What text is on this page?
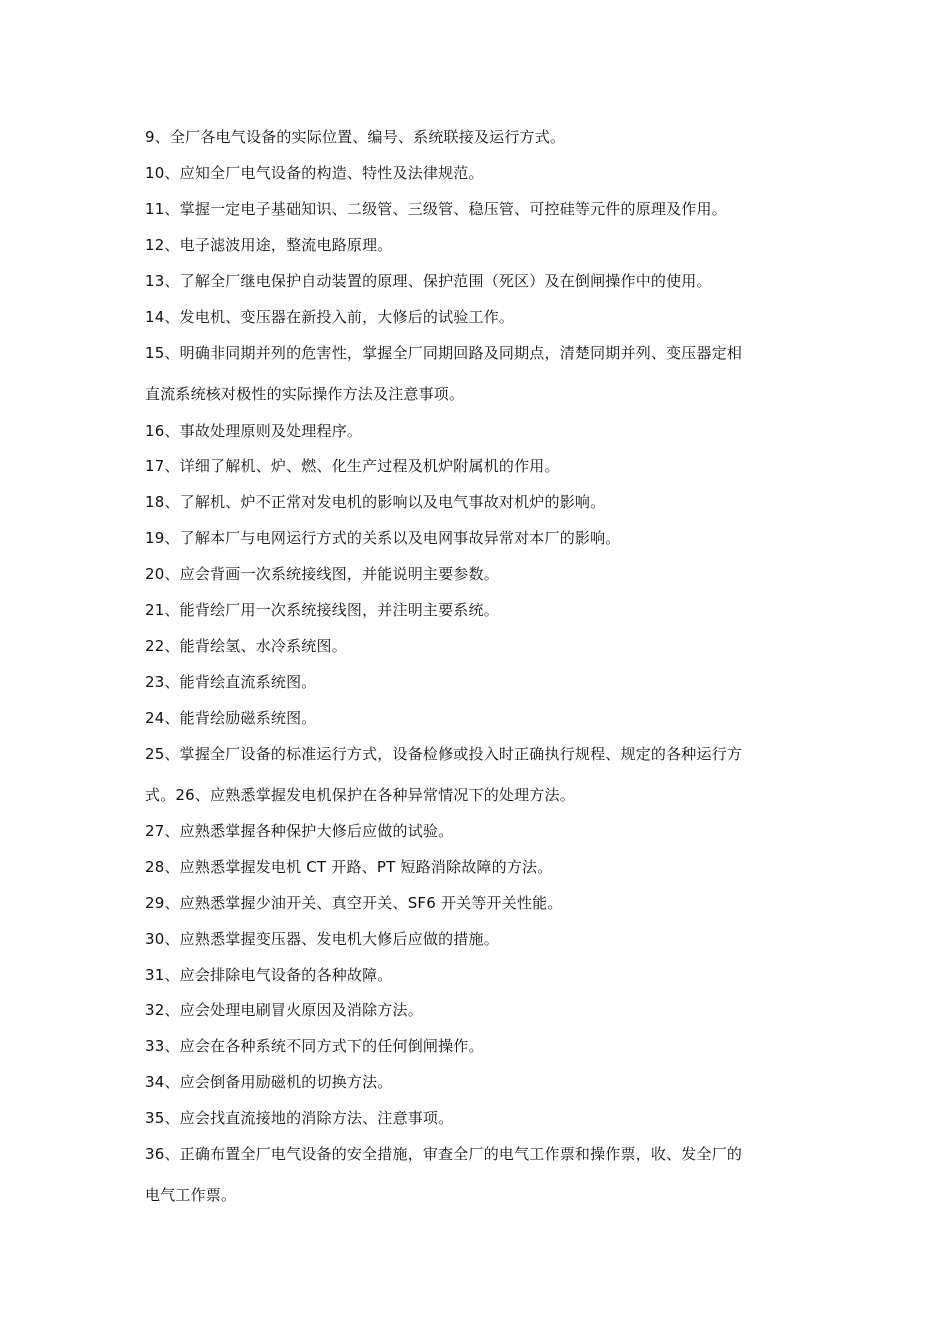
9、全厂各电气设备的实际位置、编号、系统联接及运行方式。
10、应知全厂电气设备的构造、特性及法律规范。
11、掌握一定电子基础知识、二级管、三级管、稳压管、可控硅等元件的原理及作用。
12、电子滤波用途，整流电路原理。
13、了解全厂继电保护自动装置的原理、保护范围（死区）及在倒闸操作中的使用。
14、发电机、变压器在新投入前，大修后的试验工作。
15、明确非同期并列的危害性，掌握全厂同期回路及同期点，清楚同期并列、变压器定相
直流系统核对极性的实际操作方法及注意事项。
16、事故处理原则及处理程序。
17、详细了解机、炉、燃、化生产过程及机炉附属机的作用。
18、了解机、炉不正常对发电机的影响以及电气事故对机炉的影响。
19、了解本厂与电网运行方式的关系以及电网事故异常对本厂的影响。
20、应会背画一次系统接线图，并能说明主要参数。
21、能背绘厂用一次系统接线图，并注明主要系统。
22、能背绘氢、水冷系统图。
23、能背绘直流系统图。
24、能背绘励磁系统图。
25、掌握全厂设备的标准运行方式，设备检修或投入时正确执行规程、规定的各种运行方
式。26、应熟悉掌握发电机保护在各种异常情况下的处理方法。
27、应熟悉掌握各种保护大修后应做的试验。
28、应熟悉掌握发电机 CT 开路、PT 短路消除故障的方法。
29、应熟悉掌握少油开关、真空开关、SF6 开关等开关性能。
30、应熟悉掌握变压器、发电机大修后应做的措施。
31、应会排除电气设备的各种故障。
32、应会处理电刷冒火原因及消除方法。
33、应会在各种系统不同方式下的任何倒闸操作。
34、应会倒备用励磁机的切换方法。
35、应会找直流接地的消除方法、注意事项。
36、正确布置全厂电气设备的安全措施，审查全厂的电气工作票和操作票，收、发全厂的
电气工作票。
